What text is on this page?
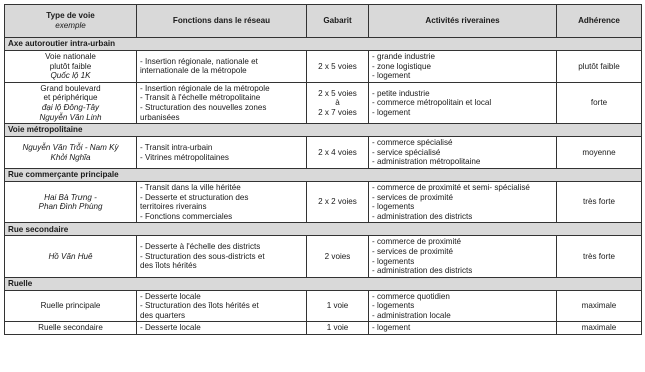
Type de voie
exemple	Fonctions dans le réseau	Gabarit	Activités riveraines	Adhérence
Axe autoroutier intra-urbain				

Voie nationale
plutôt faible
Quốc lộ 1K	- Insertion régionale, nationale et
internationale de la métropole	2 x 5 voies	- grande industrie
- zone logistique
- logement	plutôt faible

Grand boulevard
et périphérique
đại lộ Đông-Tây
Nguyễn Văn Linh	- Insertion régionale de la métropole
- Transit à l'échelle métropolitaine
- Structuration des nouvelles zones
urbanisées	2 x 5 voies
à
2 x 7 voies	- petite industrie
- commerce métropolitain et local
- logement	forte
Voie métropolitaine				

Nguyễn Văn Trỗi - Nam Kỳ
Khởi Nghĩa	- Transit intra-urbain
- Vitrines métropolitaines	2 x 4 voies	- commerce spécialisé
- service spécialisé
- administration métropolitaine	moyenne
Rue commerçante principale				

Hai Bà Trưng -
Phan Đình Phùng	- Transit dans la ville héritée
- Desserte et structuration des
territoires riverains
- Fonctions commerciales	2 x 2 voies	- commerce de proximité et semi- spécialisé
- services de proximité
- logements
- administration des districts	très forte
Rue secondaire				

Hồ Văn Huê	- Desserte à l'échelle des districts
- Structuration des sous-districts et
des îlots hérités	2 voies	- commerce de proximité
- services de proximité
- logements
- administration des districts	très forte
Ruelle				

Ruelle principale	- Desserte locale
- Structuration des îlots hérités et
des quarters	1 voie	- commerce quotidien
- logements
- administration locale	maximale

Ruelle secondaire	- Desserte locale	1 voie	- logement	maximale
